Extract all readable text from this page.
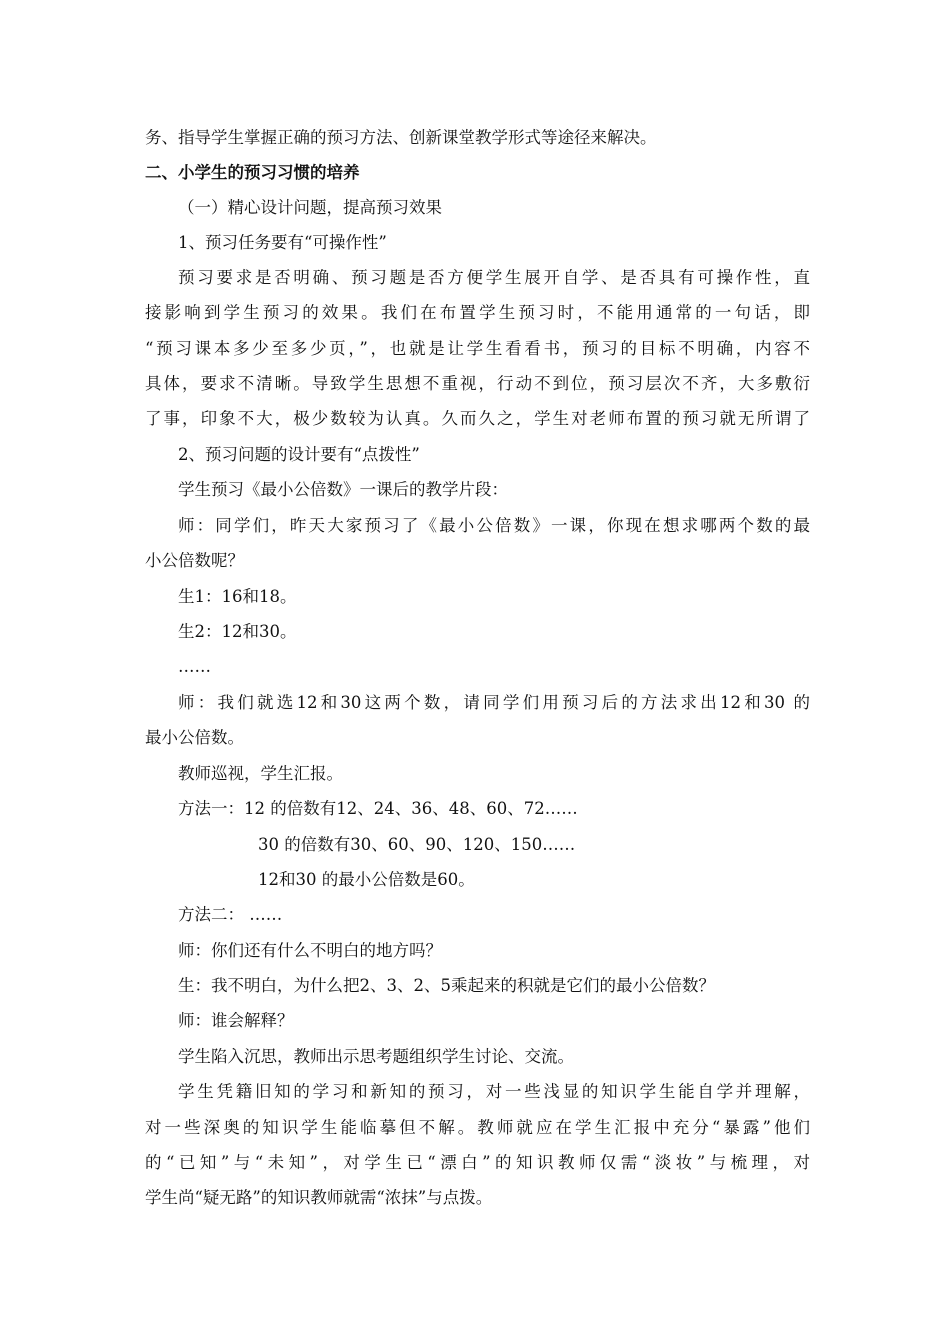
务、指导学生掌握正确的预习方法、创新课堂教学形式等途径来解决。
二、小学生的预习习惯的培养
（一）精心设计问题，提高预习效果
1、预习任务要有“可操作性”
预习要求是否明确、预习题是否方便学生展开自学、是否具有可操作性，直
接影响到学生预习的效果。我们在布置学生预习时，不能用通常的一句话，即
“预习课本多少至多少页，”，也就是让学生看看书，预习的目标不明确，内容不
具体，要求不清晰。导致学生思想不重视，行动不到位，预习层次不齐，大多敷衍
了事，印象不大，极少数较为认真。久而久之，学生对老师布置的预习就无所谓了
2、预习问题的设计要有“点拨性”
学生预习《最小公倍数》一课后的教学片段：
师：同学们，昨天大家预习了《最小公倍数》一课，你现在想求哪两个数的最
小公倍数呢？
生1：16和18。
生2：12和30。
……
师：我们就选12和30这两个数，请同学们用预习后的方法求出12和30 的
最小公倍数。
教师巡视，学生汇报。
方法一：12 的倍数有12、24、36、48、60、72……
30 的倍数有30、60、90、120、150……
12和30 的最小公倍数是60。
方法二： ……
师：你们还有什么不明白的地方吗？
生：我不明白，为什么把2、3、2、5乘起来的积就是它们的最小公倍数？
师：谁会解释？
学生陷入沉思，教师出示思考题组织学生讨论、交流。
学生凭籍旧知的学习和新知的预习，对一些浅显的知识学生能自学并理解，
对一些深奥的知识学生能临摹但不解。教师就应在学生汇报中充分“暴露”他们
的“已知”与“未知”，对学生已“漂白”的知识教师仅需“淡妆”与梳理，对
学生尚“疑无路”的知识教师就需“浓抹”与点拨。
